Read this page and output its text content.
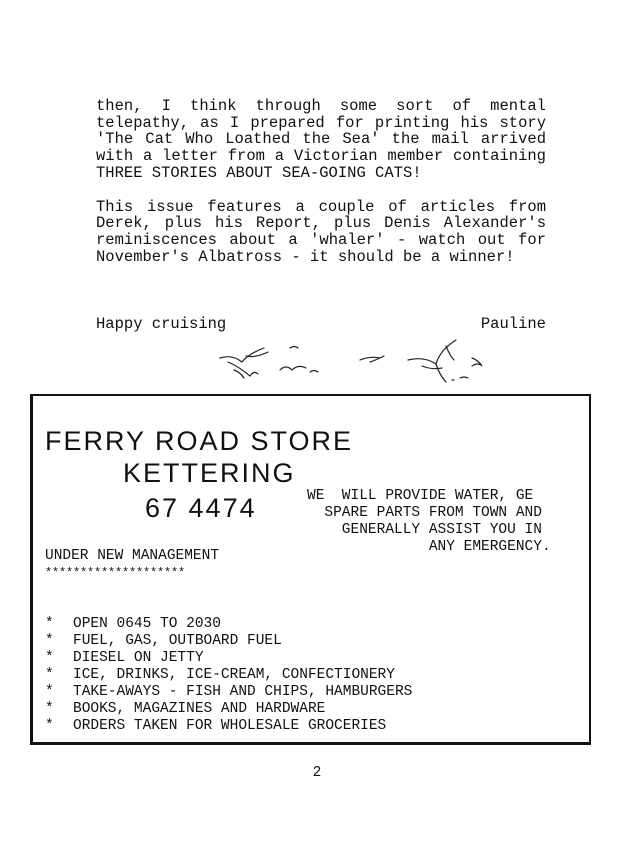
then, I think through some sort of mental telepathy, as I prepared for printing his story 'The Cat Who Loathed the Sea' the mail arrived with a letter from a Victorian member containing THREE STORIES ABOUT SEA-GOING CATS!

This issue features a couple of articles from Derek, plus his Report, plus Denis Alexander's reminiscences about a 'whaler' - watch out for November's Albatross - it should be a winner!

Happy cruising	Pauline
FERRY ROAD STORE
KETTERING
67 4474	WE  WILL PROVIDE WATER, GE
SPARE PARTS FROM TOWN AND
GENERALLY ASSIST YOU IN
ANY EMERGENCY.
UNDER NEW MANAGEMENT
********************
*	OPEN 0645 TO 2030
*	FUEL, GAS, OUTBOARD FUEL
*	DIESEL ON JETTY
*	ICE, DRINKS, ICE-CREAM, CONFECTIONERY
*	TAKE-AWAYS - FISH AND CHIPS, HAMBURGERS
*	BOOKS, MAGAZINES AND HARDWARE
*	ORDERS TAKEN FOR WHOLESALE GROCERIES
2
